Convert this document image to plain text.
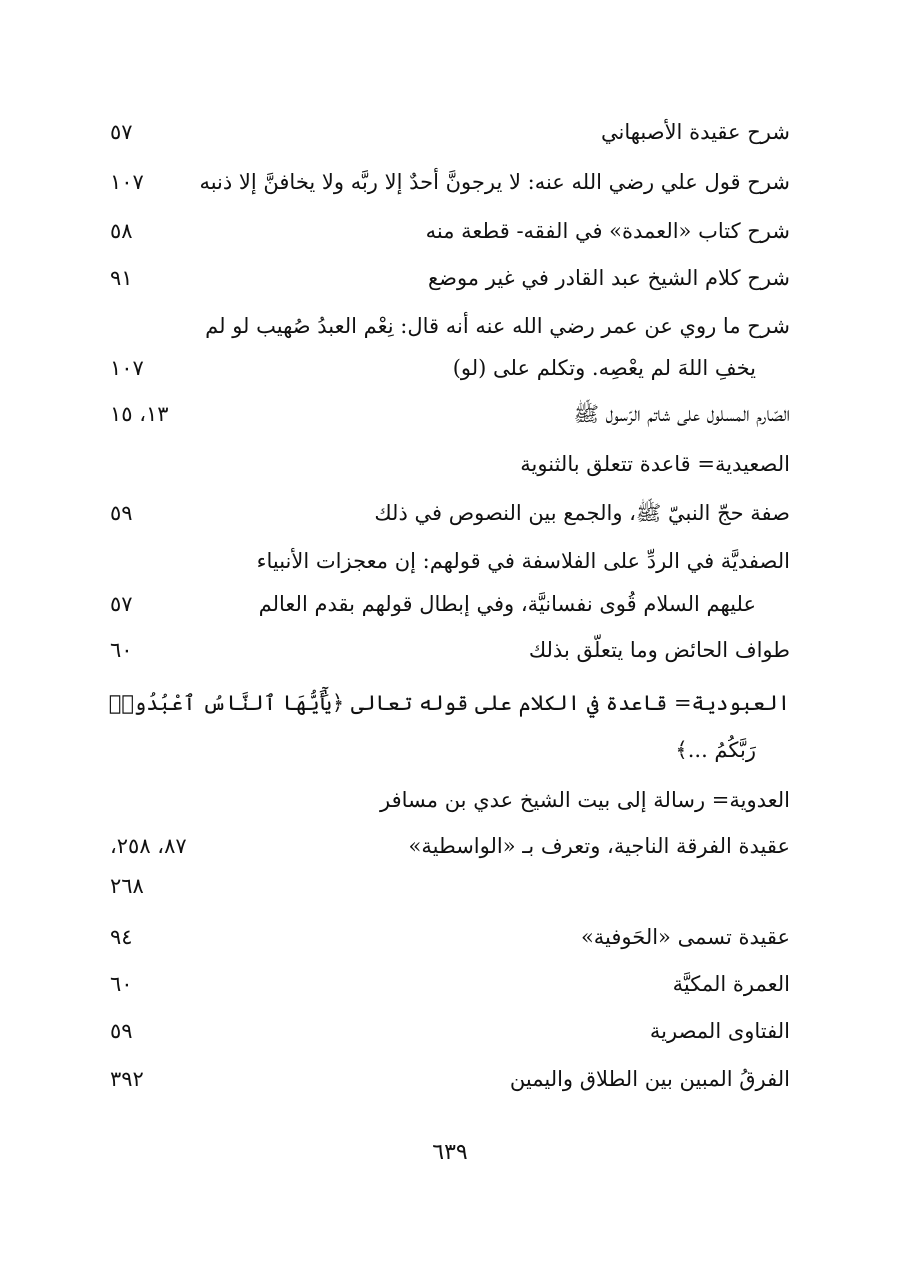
شرح عقيدة الأصبهاني
٥٧
شرح قول علي رضي الله عنه: لا يرجونَّ أحدٌ إلا ربَّه ولا يخافنَّ إلا ذنبه
١٠٧
شرح كتاب «العمدة» في الفقه- قطعة منه
٥٨
شرح كلام الشيخ عبد القادر في غير موضع
٩١
شرح ما روي عن عمر رضي الله عنه أنه قال: نِعْم العبدُ صُهيب لو لم
يخفِ اللهَ لم يعْصِه. وتكلم على (لو)
١٠٧
الصّارم المسلول على شاتم الرّسول ﷺ
١٣، ١٥
الصعيدية= قاعدة تتعلق بالثنوية
صفة حجّ النبيّ ﷺ، والجمع بين النصوص في ذلك
٥٩
الصفديَّة في الردِّ على الفلاسفة في قولهم: إن معجزات الأنبياء
عليهم السلام قُوى نفسانيَّة، وفي إبطال قولهم بقدم العالم
٥٧
طواف الحائض وما يتعلّق بذلك
٦٠
العبودية= قاعدة في الكلام على قوله تعالى ﴿يَٰٓأَيُّهَا ٱلنَّاسُ ٱعْبُدُوا۟
رَبَّكُمُ ...﴾
العدوية= رسالة إلى بيت الشيخ عدي بن مسافر
عقيدة الفرقة الناجية، وتعرف بـ «الواسطية»
٨٧، ٢٥٨،
٢٦٨
عقيدة تسمى «الحَوفية»
٩٤
العمرة المكيَّة
٦٠
الفتاوى المصرية
٥٩
الفرقُ المبين بين الطلاق واليمين
٣٩٢
٦٣٩
